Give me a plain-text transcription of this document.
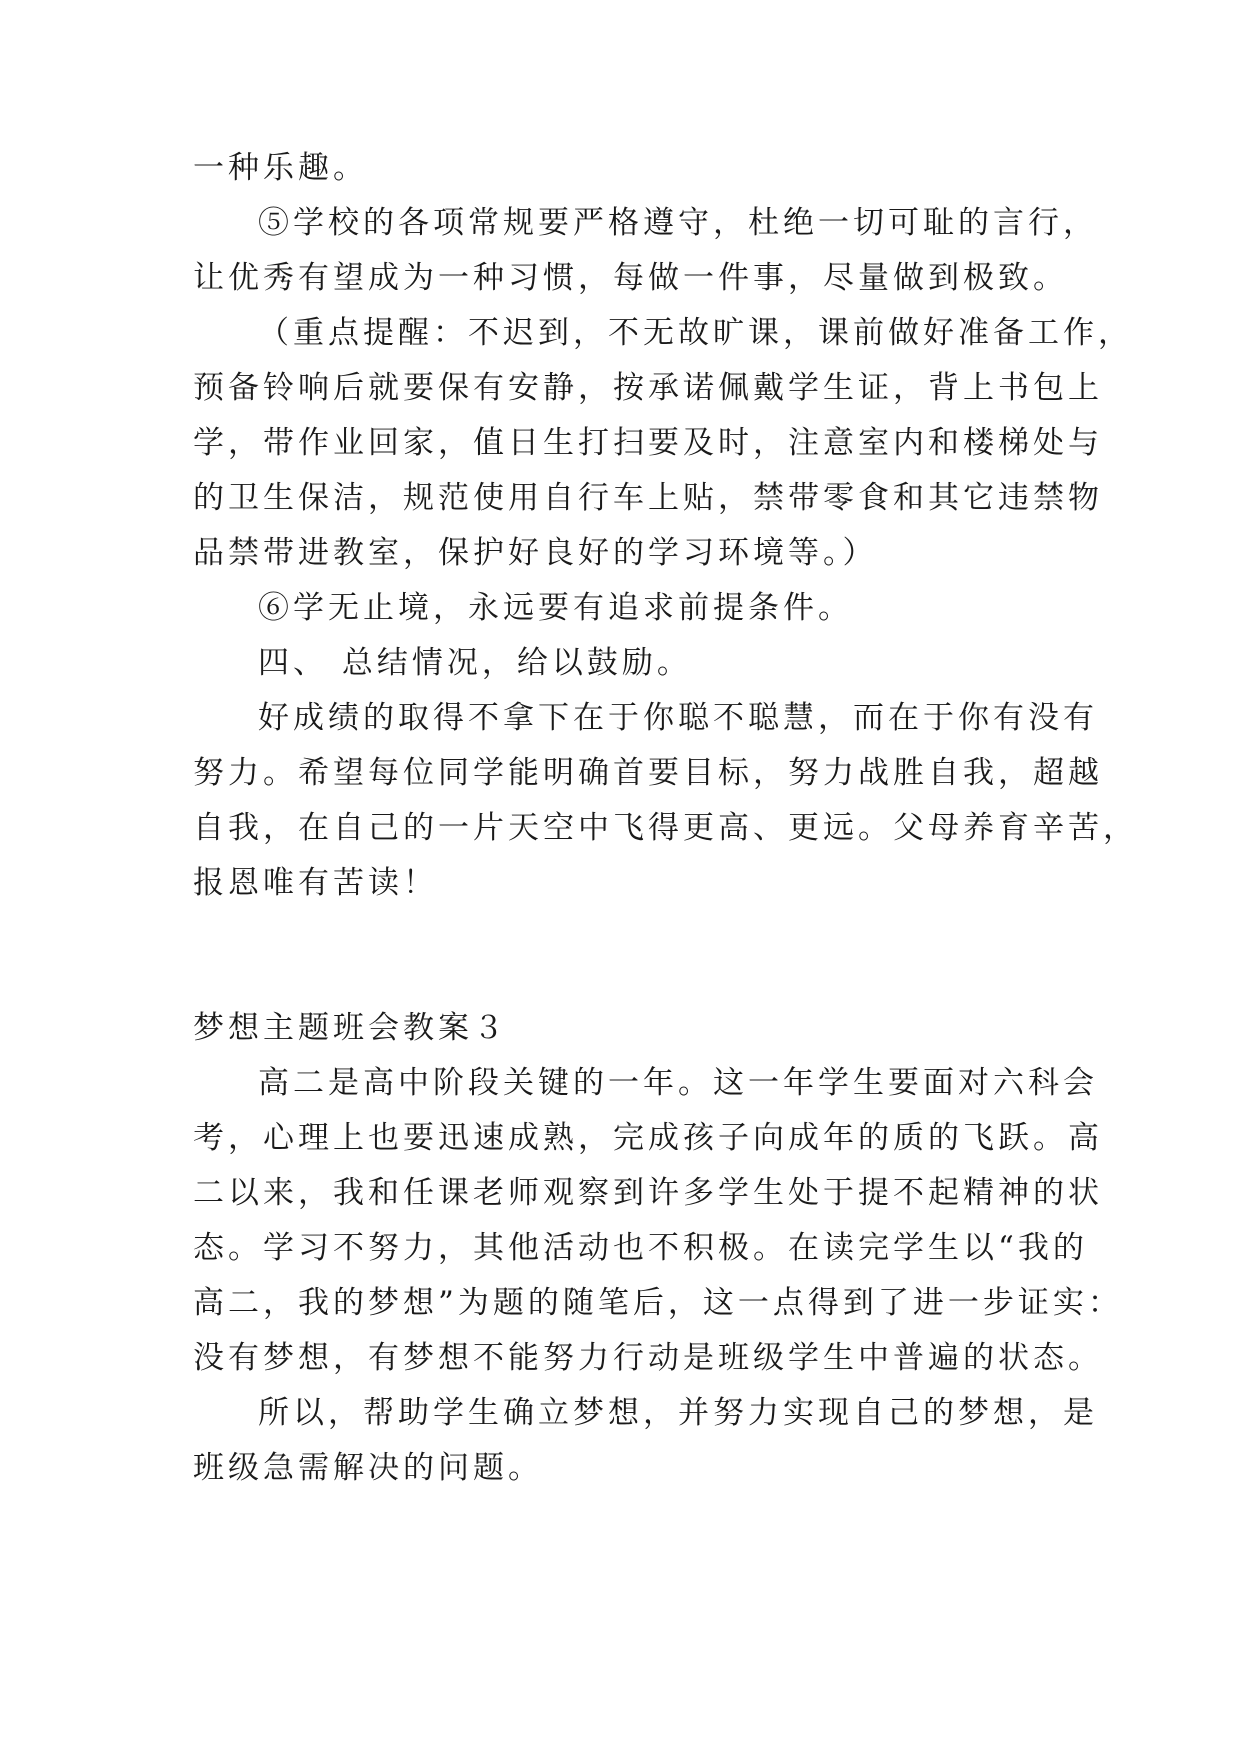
一种乐趣。
⑤学校的各项常规要严格遵守，杜绝一切可耻的言行，
让优秀有望成为一种习惯，每做一件事，尽量做到极致。
（重点提醒：不迟到，不无故旷课，课前做好准备工作，
预备铃响后就要保有安静，按承诺佩戴学生证，背上书包上
学，带作业回家，值日生打扫要及时，注意室内和楼梯处与
的卫生保洁，规范使用自行车上贴，禁带零食和其它违禁物
品禁带进教室，保护好良好的学习环境等。）
⑥学无止境，永远要有追求前提条件。
四、 总结情况，给以鼓励。
好成绩的取得不拿下在于你聪不聪慧，而在于你有没有
努力。希望每位同学能明确首要目标，努力战胜自我，超越
自我，在自己的一片天空中飞得更高、更远。父母养育辛苦，
报恩唯有苦读！
梦想主题班会教案３
高二是高中阶段关键的一年。这一年学生要面对六科会
考，心理上也要迅速成熟，完成孩子向成年的质的飞跃。高
二以来，我和任课老师观察到许多学生处于提不起精神的状
态。学习不努力，其他活动也不积极。在读完学生以“我的
高二，我的梦想”为题的随笔后，这一点得到了进一步证实：
没有梦想，有梦想不能努力行动是班级学生中普遍的状态。
所以，帮助学生确立梦想，并努力实现自己的梦想，是
班级急需解决的问题。
